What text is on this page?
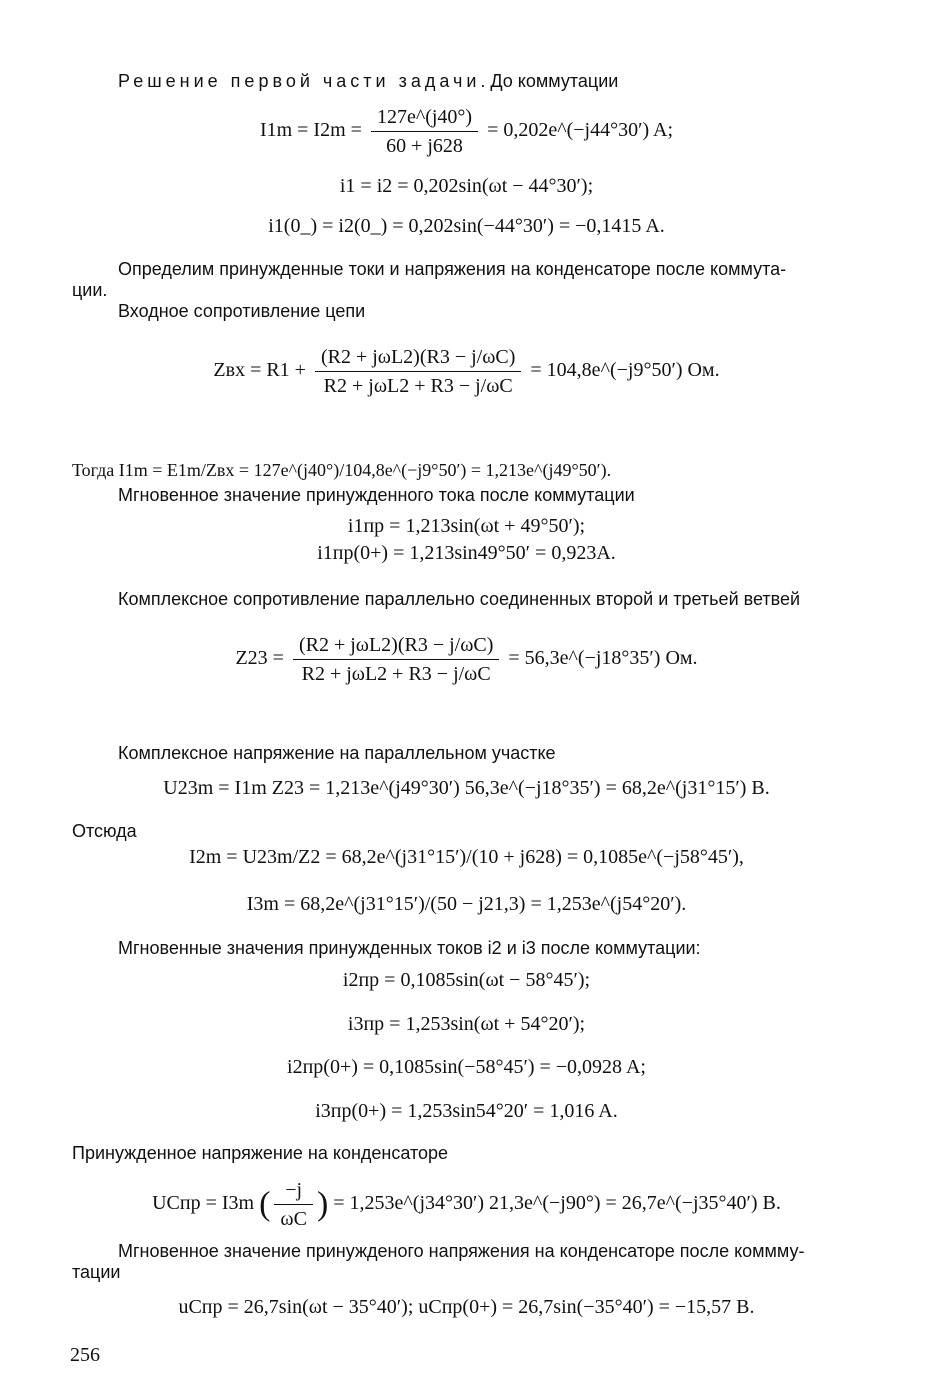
Решение первой части задачи. До коммутации
$I1m = I2m = \frac{127e\^{}(j40^\circ)}{60 + j628}$ = 0,202e^(−j44°30′) A;
i1 = i2 = 0,202sin(ωt − 44°30′);
i1(0_) = i2(0_) = 0,202sin(−44°30′) = −0,1415 A.
Определим принужденные токи и напряжения на конденсаторе после коммута-
ции.
Входное сопротивление цепи
Zвх = $R1 + \frac{\text{(R2 + jωL2)(R3 − j/ωC)}}{\text{R2 + jωL2 + R3 − j/ωC}}$ = 104,8e^(−j9°50′) Ом.
Тогда I1m = E1m/Zвх = 127e^(j40°)/104,8e^(−j9°50′) = 1,213e^(j49°50′).
Мгновенное значение принужденного тока после коммутации
i1пр = 1,213sin(ωt + 49°50′);
i1пр(0+) = 1,213sin49°50′ = 0,923A.
Комплексное сопротивление параллельно соединенных второй и третьей ветвей
$Z23 = \frac{\text{(R2 + jωL2)(R3 − j/ωC)}}{\text{R2 + jωL2 + R3 − j/ωC}}$ = 56,3e^(−j18°35′) Ом.
Комплексное напряжение на параллельном участке
U23m = I1m Z23 = 1,213e^(j49°30′) 56,3e^(−j18°35′) = 68,2e^(j31°15′) B.
Отсюда
I2m = U23m/Z2 = 68,2e^(j31°15′)/(10 + j628) = 0,1085e^(−j58°45′),
I3m = 68,2e^(j31°15′)/(50 − j21,3) = 1,253e^(j54°20′).
Мгновенные значения принужденных токов i2 и i3 после коммутации:
i2пр = 0,1085sin(ωt − 58°45′);
i3пр = 1,253sin(ωt + 54°20′);
i2пр(0+) = 0,1085sin(−58°45′) = −0,0928 A;
i3пр(0+) = 1,253sin54°20′ = 1,016 A.
Принужденное напряжение на конденсаторе
UCпр = I3m ( $\frac{-j}{\omega C}$ ) = 1,253e^(j34°30′) 21,3e^(−j90°) = 26,7e^(−j35°40′) B.
Мгновенное значение принужденого напряжения на конденсаторе после коммму-
тации
uCпр = 26,7sin(ωt − 35°40′); uCпр(0+) = 26,7sin(−35°40′) = −15,57 B.
256
